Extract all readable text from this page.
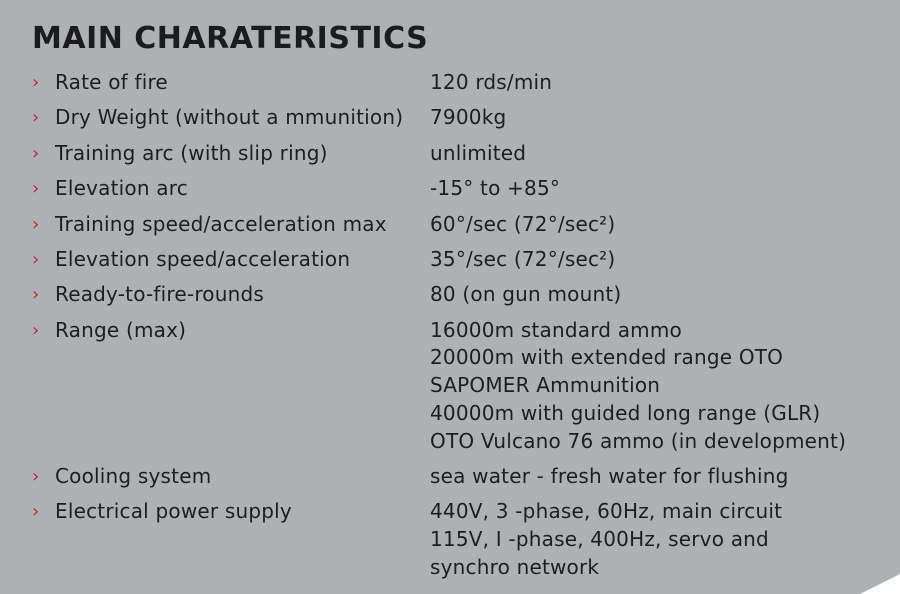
MAIN CHARATERISTICS
› Rate of fire	120 rds/min
› Dry Weight (without a mmunition)	7900kg
› Training arc (with slip ring)	unlimited
› Elevation arc	-15° to +85°
› Training speed/acceleration max	60°/sec (72°/sec²)
› Elevation speed/acceleration	35°/sec (72°/sec²)
› Ready-to-fire-rounds	80 (on gun mount)
› Range (max)	16000m standard ammo
20000m with extended range OTO
SAPOMER Ammunition
40000m with guided long range (GLR)
OTO Vulcano 76 ammo (in development)
› Cooling system	sea water - fresh water for flushing
› Electrical power supply	440V, 3 -phase, 60Hz, main circuit
115V, I -phase, 400Hz, servo and
synchro network
